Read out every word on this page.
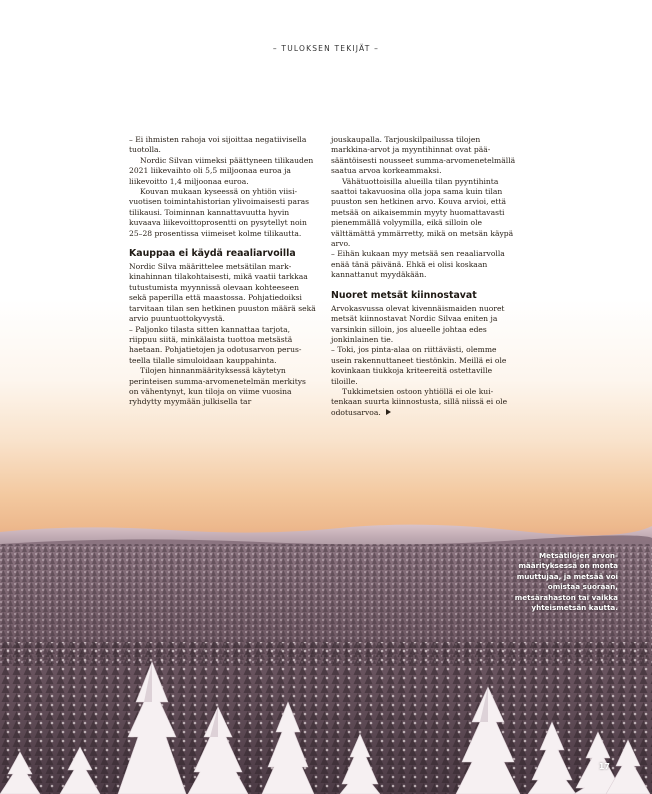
– TULOKSEN TEKIJÄT –

– Ei ihmisten rahoja voi sijoittaa negatiivisella tuotolla.

Nordic Silvan viimeksi päättyneen tilikauden 2021 liikevaihto oli 5,5 miljoonaa euroa ja liikevoitto 1,4 miljoonaa euroa.

Kouvan mukaan kyseessä on yhtiön viisivuotisen toimintahistorian ylivoimaisesti paras tilikausi. Toiminnan kannattavuutta hyvin kuvaava liikevoittoprosentti on pysytellyt noin 25–28 prosentissa viimeiset kolme tilikautta.

Kauppaa ei käydä reaaliarvoilla

Nordic Silva määrittelee metsätilan markkinahinnan tilakohtaisesti, mikä vaatii tarkkaa tutustumista myynnissä olevaan kohteeseen sekä paperilla että maastossa. Pohjatiedoiksi tarvitaan tilan sen hetkinen puuston määrä sekä arvio puuntuottokyvystä.

– Paljonko tilasta sitten kannattaa tarjota, riippuu siitä, minkälaista tuottoa metsästä haetaan. Pohjatietojen ja odotusarvon perusteella tilalle simuloidaan kauppahinta.

Tilojen hinnanmäärityksessä käytetyn perinteisen summa-arvomenetelmän merkitys on vähentynyt, kun tiloja on viime vuosina ryhdytty myymään julkisella tar

jouskaupalla. Tarjouskilpailussa tilojen markkina-arvot ja myyntihinnat ovat pääsääntöisesti nousseet summa-arvomenetelmällä saatua arvoa korkeammaksi.

Vähätuottoisilla alueilla tilan pyyntihinta saattoi takavuosina olla jopa sama kuin tilan puuston sen hetkinen arvo. Kouva arvioi, että metsää on aikaisemmin myyty huomattavasti pienemmällä volyymilla, eikä silloin ole välttämättä ymmärretty, mikä on metsän käypä arvo.

– Eihän kukaan myy metsää sen reaaliarvolla enää tänä päivänä. Ehkä ei olisi koskaan kannattanut myydäkään.

Nuoret metsät kiinnostavat

Arvokasvussa olevat kivennäismaiden nuoret metsät kiinnostavat Nordic Silvaa eniten ja varsinkin silloin, jos alueelle johtaa edes jonkinlainen tie.

– Toki, jos pinta-alaa on riittävästi, olemme usein rakennuttaneet tiestönkin. Meillä ei ole kovinkaan tiukkoja kriteereitä ostettaville tiloille.

Tukkimetsien ostoon yhtiöllä ei ole kuitenkaan suurta kiinnostusta, sillä niissä ei ole odotusarvoa.

Metsätilojen arvonmäärityksessä on monta muuttujaa, ja metsää voi omistaa suoraan, metsärahaston tai vaikka yhteismetsän kautta.
17
